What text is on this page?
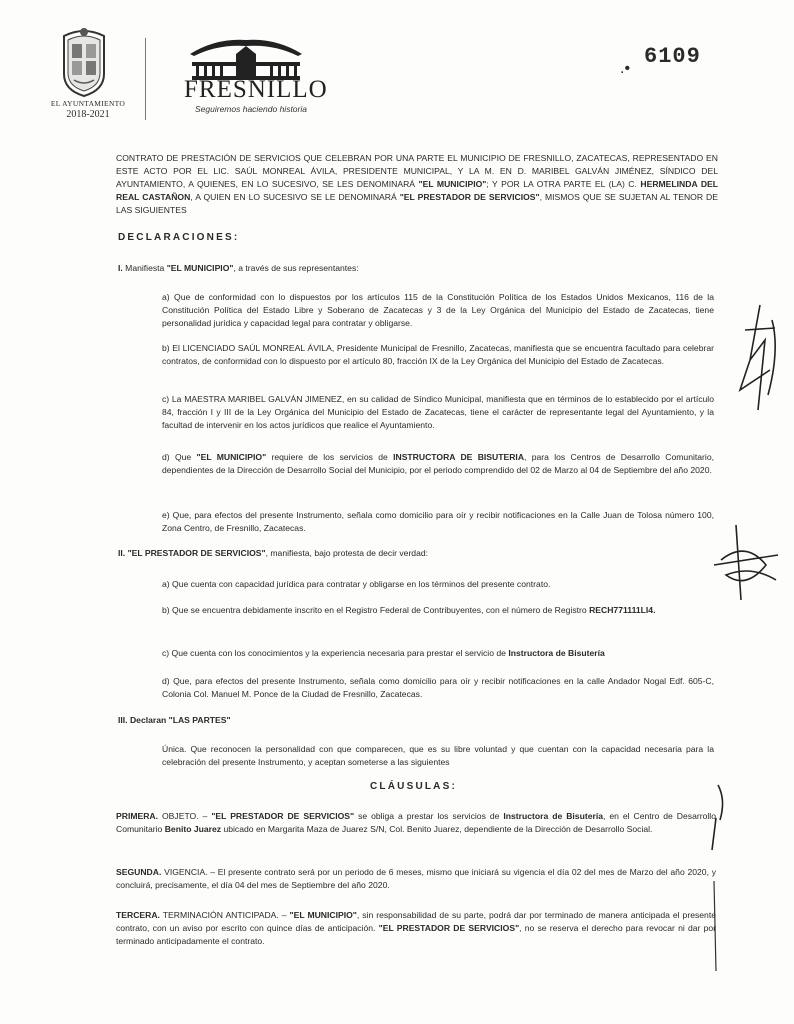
EL AYUNTAMIENTO
2018-2021
FRESNILLO
Seguiremos haciendo historia
.• 6109
CONTRATO DE PRESTACIÓN DE SERVICIOS QUE CELEBRAN POR UNA PARTE EL MUNICIPIO DE FRESNILLO, ZACATECAS, REPRESENTADO EN ESTE ACTO POR EL LIC. SAÚL MONREAL ÁVILA, PRESIDENTE MUNICIPAL, Y LA M. EN D. MARIBEL GALVÁN JIMÉNEZ, SÍNDICO DEL AYUNTAMIENTO, A QUIENES, EN LO SUCESIVO, SE LES DENOMINARÁ "EL MUNICIPIO"; Y POR LA OTRA PARTE EL (LA) C. HERMELINDA DEL REAL CASTAÑON, A QUIEN EN LO SUCESIVO SE LE DENOMINARÁ "EL PRESTADOR DE SERVICIOS", MISMOS QUE SE SUJETAN AL TENOR DE LAS SIGUIENTES
DECLARACIONES:
I. Manifiesta "EL MUNICIPIO", a través de sus representantes:
a) Que de conformidad con lo dispuestos por los artículos 115 de la Constitución Política de los Estados Unidos Mexicanos, 116 de la Constitución Política del Estado Libre y Soberano de Zacatecas y 3 de la Ley Orgánica del Municipio del Estado de Zacatecas, tiene personalidad jurídica y capacidad legal para contratar y obligarse.
b) El LICENCIADO SAÚL MONREAL ÁVILA, Presidente Municipal de Fresnillo, Zacatecas, manifiesta que se encuentra facultado para celebrar contratos, de conformidad con lo dispuesto por el artículo 80, fracción IX de la Ley Orgánica del Municipio del Estado de Zacatecas.
c) La MAESTRA MARIBEL GALVÁN JIMENEZ, en su calidad de Síndico Municipal, manifiesta que en términos de lo establecido por el artículo 84, fracción I y III de la Ley Orgánica del Municipio del Estado de Zacatecas, tiene el carácter de representante legal del Ayuntamiento, y la facultad de intervenir en los actos jurídicos que realice el Ayuntamiento.
d) Que "EL MUNICIPIO" requiere de los servicios de INSTRUCTORA DE BISUTERIA, para los Centros de Desarrollo Comunitario, dependientes de la Dirección de Desarrollo Social del Municipio, por el periodo comprendido del 02 de Marzo al 04 de Septiembre del año 2020.
e) Que, para efectos del presente Instrumento, señala como domicilio para oír y recibir notificaciones en la Calle Juan de Tolosa número 100, Zona Centro, de Fresnillo, Zacatecas.
II. "EL PRESTADOR DE SERVICIOS", manifiesta, bajo protesta de decir verdad:
a) Que cuenta con capacidad jurídica para contratar y obligarse en los términos del presente contrato.
b) Que se encuentra debidamente inscrito en el Registro Federal de Contribuyentes, con el número de Registro RECH771111LI4.
c) Que cuenta con los conocimientos y la experiencia necesaria para prestar el servicio de Instructora de Bisutería
d) Que, para efectos del presente Instrumento, señala como domicilio para oír y recibir notificaciones en la calle Andador Nogal Edf. 605-C, Colonia Col. Manuel M. Ponce de la Ciudad de Fresnillo, Zacatecas.
III. Declaran "LAS PARTES"
Única. Que reconocen la personalidad con que comparecen, que es su libre voluntad y que cuentan con la capacidad necesaria para la celebración del presente Instrumento, y aceptan someterse a las siguientes
CLÁUSULAS:
PRIMERA. OBJETO. – "EL PRESTADOR DE SERVICIOS" se obliga a prestar los servicios de Instructora de Bisutería, en el Centro de Desarrollo Comunitario Benito Juarez ubicado en Margarita Maza de Juarez S/N, Col. Benito Juarez, dependiente de la Dirección de Desarrollo Social.
SEGUNDA. VIGENCIA. – El presente contrato será por un periodo de 6 meses, mismo que iniciará su vigencia el día 02 del mes de Marzo del año 2020, y concluirá, precisamente, el día 04 del mes de Septiembre del año 2020.
TERCERA. TERMINACIÓN ANTICIPADA. – "EL MUNICIPIO", sin responsabilidad de su parte, podrá dar por terminado de manera anticipada el presente contrato, con un aviso por escrito con quince días de anticipación. "EL PRESTADOR DE SERVICIOS", no se reserva el derecho para revocar ni dar por terminado anticipadamente el contrato.
